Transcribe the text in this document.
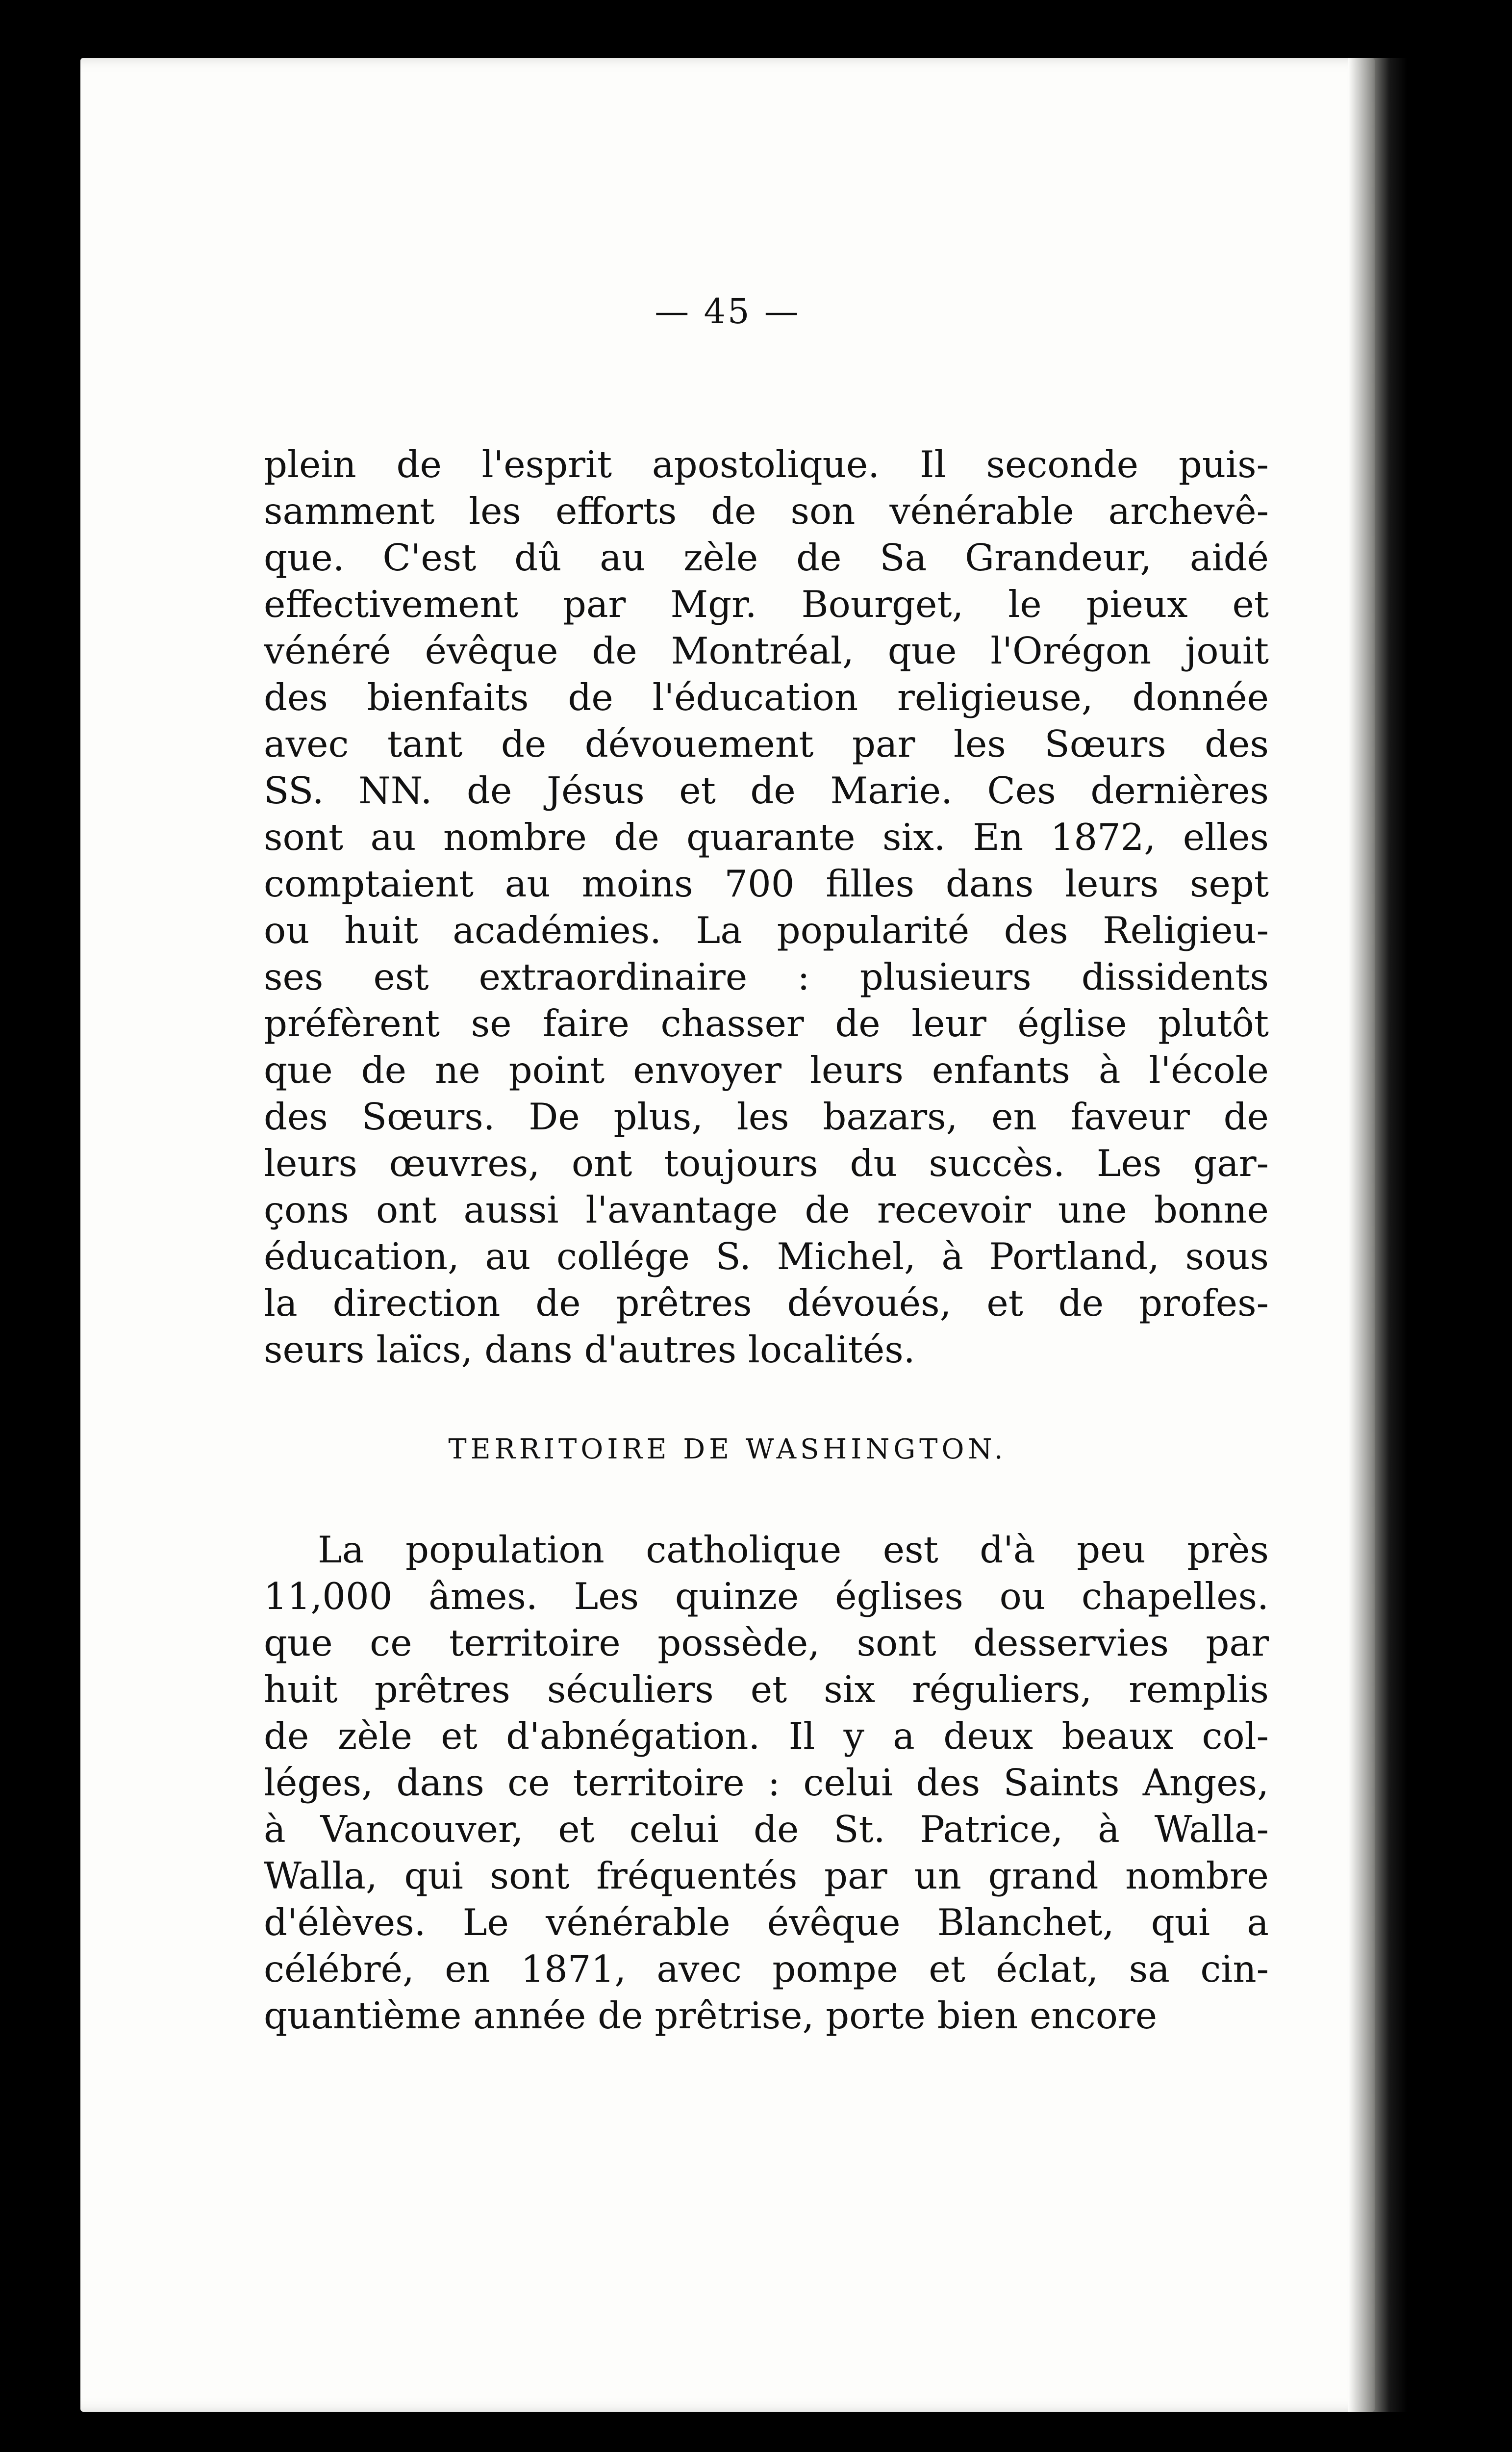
— 45 —
plein de l'esprit apostolique. Il seconde puis-
samment les efforts de son vénérable archevê-
que. C'est dû au zèle de Sa Grandeur, aidé
effectivement par Mgr. Bourget, le pieux et
vénéré évêque de Montréal, que l'Orégon jouit
des bienfaits de l'éducation religieuse, donnée
avec tant de dévouement par les Sœurs des
SS. NN. de Jésus et de Marie. Ces dernières
sont au nombre de quarante six. En 1872, elles
comptaient au moins 700 filles dans leurs sept
ou huit académies. La popularité des Religieu-
ses est extraordinaire : plusieurs dissidents
préfèrent se faire chasser de leur église plutôt
que de ne point envoyer leurs enfants à l'école
des Sœurs. De plus, les bazars, en faveur de
leurs œuvres, ont toujours du succès. Les gar-
çons ont aussi l'avantage de recevoir une bonne
éducation, au collége S. Michel, à Portland, sous
la direction de prêtres dévoués, et de profes-
seurs laïcs, dans d'autres localités.
TERRITOIRE DE WASHINGTON.
La population catholique est d'à peu près
11,000 âmes. Les quinze églises ou chapelles.
que ce territoire possède, sont desservies par
huit prêtres séculiers et six réguliers, remplis
de zèle et d'abnégation. Il y a deux beaux col-
léges, dans ce territoire : celui des Saints Anges,
à Vancouver, et celui de St. Patrice, à Walla-
Walla, qui sont fréquentés par un grand nombre
d'élèves. Le vénérable évêque Blanchet, qui a
célébré, en 1871, avec pompe et éclat, sa cin-
quantième année de prêtrise, porte bien encore
